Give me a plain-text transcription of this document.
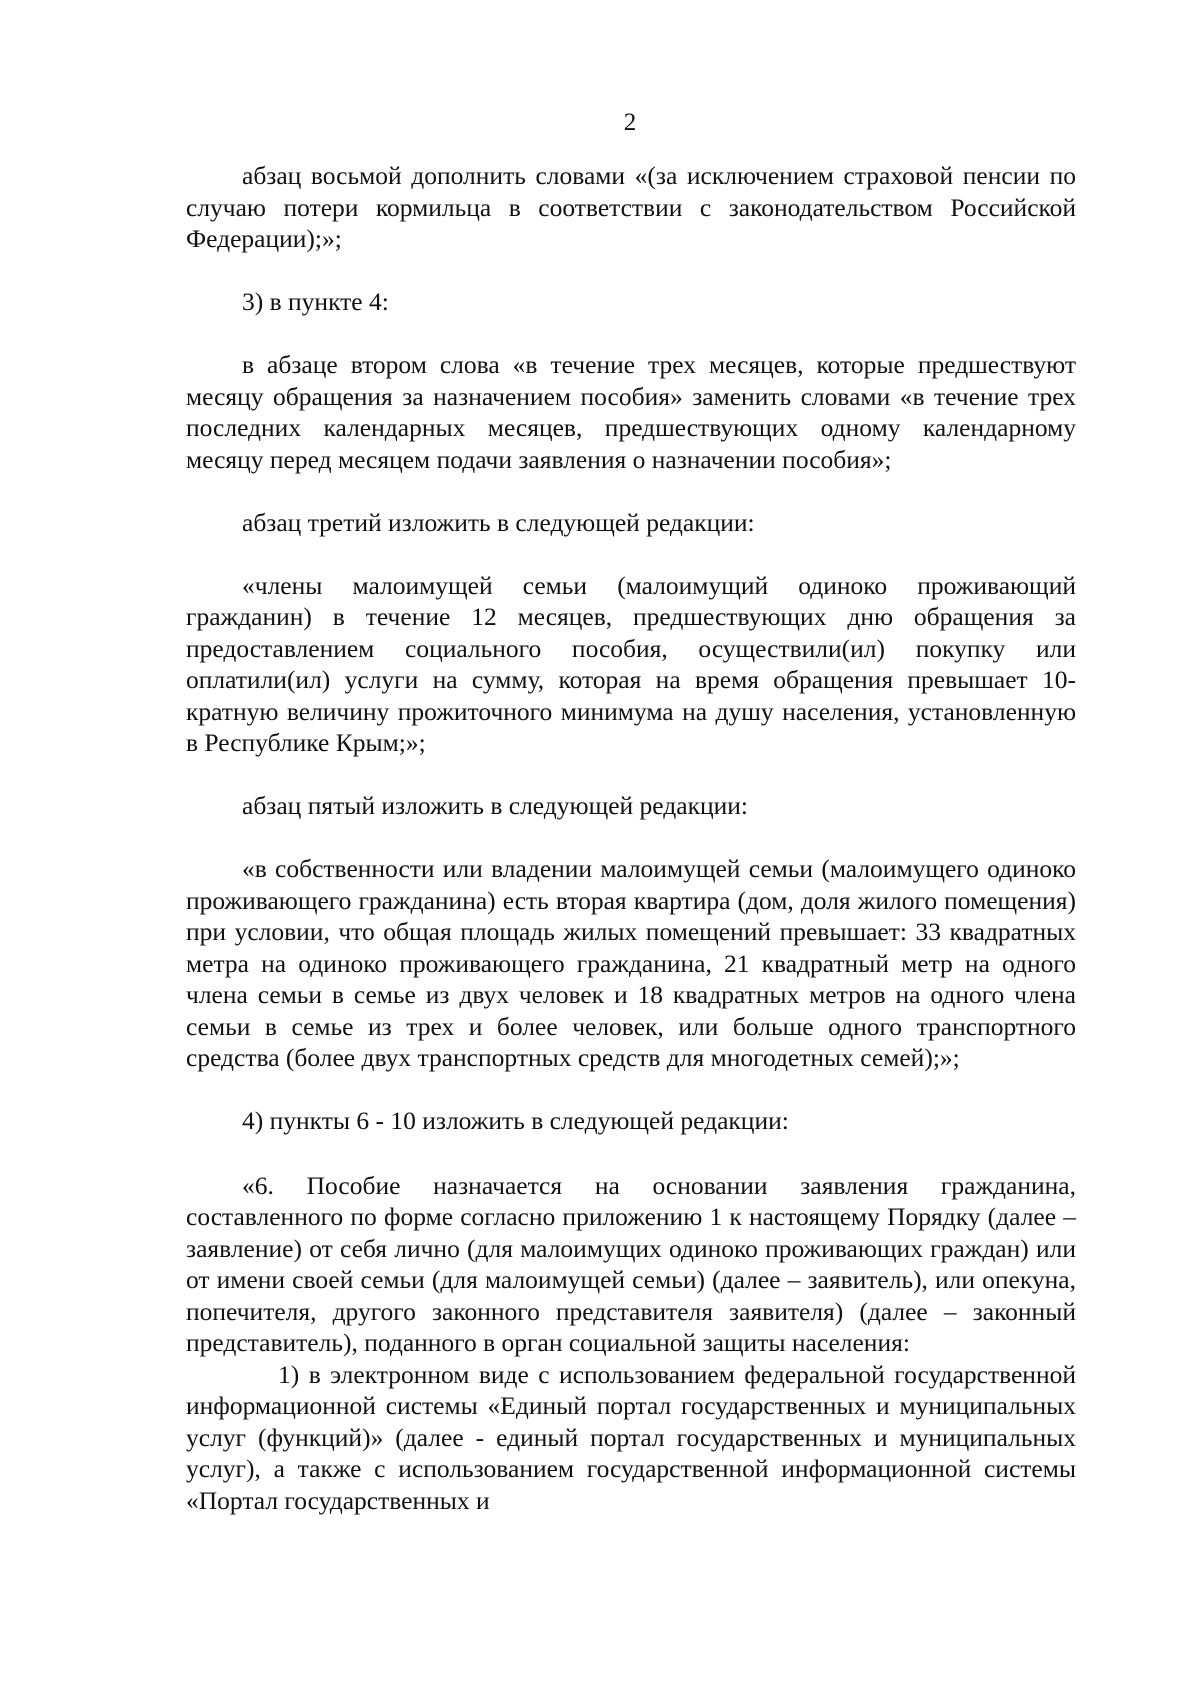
2

абзац восьмой дополнить словами «(за исключением страховой пенсии по случаю потери кормильца в соответствии с законодательством Российской Федерации);»;

3) в пункте 4:

в абзаце втором слова «в течение трех месяцев, которые предшествуют месяцу обращения за назначением пособия» заменить словами «в течение трех последних календарных месяцев, предшествующих одному календарному месяцу перед месяцем подачи заявления о назначении пособия»;

абзац третий изложить в следующей редакции:

«члены малоимущей семьи (малоимущий одиноко проживающий гражданин) в течение 12 месяцев, предшествующих дню обращения за предоставлением социального пособия, осуществили(ил) покупку или оплатили(ил) услуги на сумму, которая на время обращения превышает 10-кратную величину прожиточного минимума на душу населения, установленную в Республике Крым;»;

абзац пятый изложить в следующей редакции:

«в собственности или владении малоимущей семьи (малоимущего одиноко проживающего гражданина) есть вторая квартира (дом, доля жилого помещения) при условии, что общая площадь жилых помещений превышает: 33 квадратных метра на одиноко проживающего гражданина, 21 квадратный метр на одного члена семьи в семье из двух человек и 18 квадратных метров на одного члена семьи в семье из трех и более человек, или больше одного транспортного средства (более двух транспортных средств для многодетных семей);»;

4) пункты 6 - 10 изложить в следующей редакции:

«6. Пособие назначается на основании заявления гражданина, составленного по форме согласно приложению 1 к настоящему Порядку (далее – заявление) от себя лично (для малоимущих одиноко проживающих граждан) или от имени своей семьи (для малоимущей семьи) (далее – заявитель), или опекуна, попечителя, другого законного представителя заявителя) (далее – законный представитель), поданного в орган социальной защиты населения:

1) в электронном виде с использованием федеральной государственной информационной системы «Единый портал государственных и муниципальных услуг (функций)» (далее - единый портал государственных и муниципальных услуг), а также с использованием государственной информационной системы «Портал государственных и
